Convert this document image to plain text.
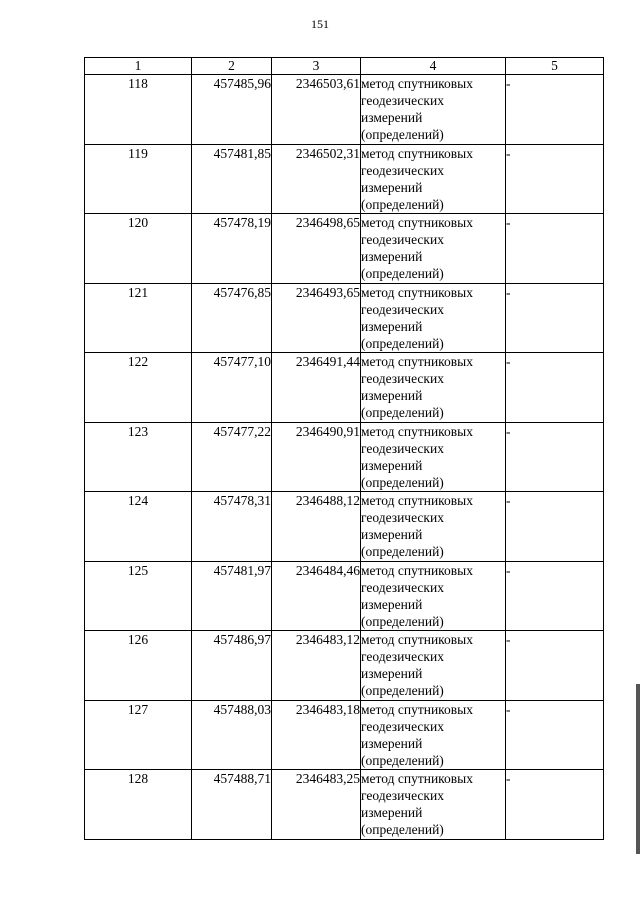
151
1	2	3	4	5
118	457485,96	2346503,61	метод спутниковых геодезических измерений (определений)	-
119	457481,85	2346502,31	метод спутниковых геодезических измерений (определений)	-
120	457478,19	2346498,65	метод спутниковых геодезических измерений (определений)	-
121	457476,85	2346493,65	метод спутниковых геодезических измерений (определений)	-
122	457477,10	2346491,44	метод спутниковых геодезических измерений (определений)	-
123	457477,22	2346490,91	метод спутниковых геодезических измерений (определений)	-
124	457478,31	2346488,12	метод спутниковых геодезических измерений (определений)	-
125	457481,97	2346484,46	метод спутниковых геодезических измерений (определений)	-
126	457486,97	2346483,12	метод спутниковых геодезических измерений (определений)	-
127	457488,03	2346483,18	метод спутниковых геодезических измерений (определений)	-
128	457488,71	2346483,25	метод спутниковых геодезических измерений (определений)	-
